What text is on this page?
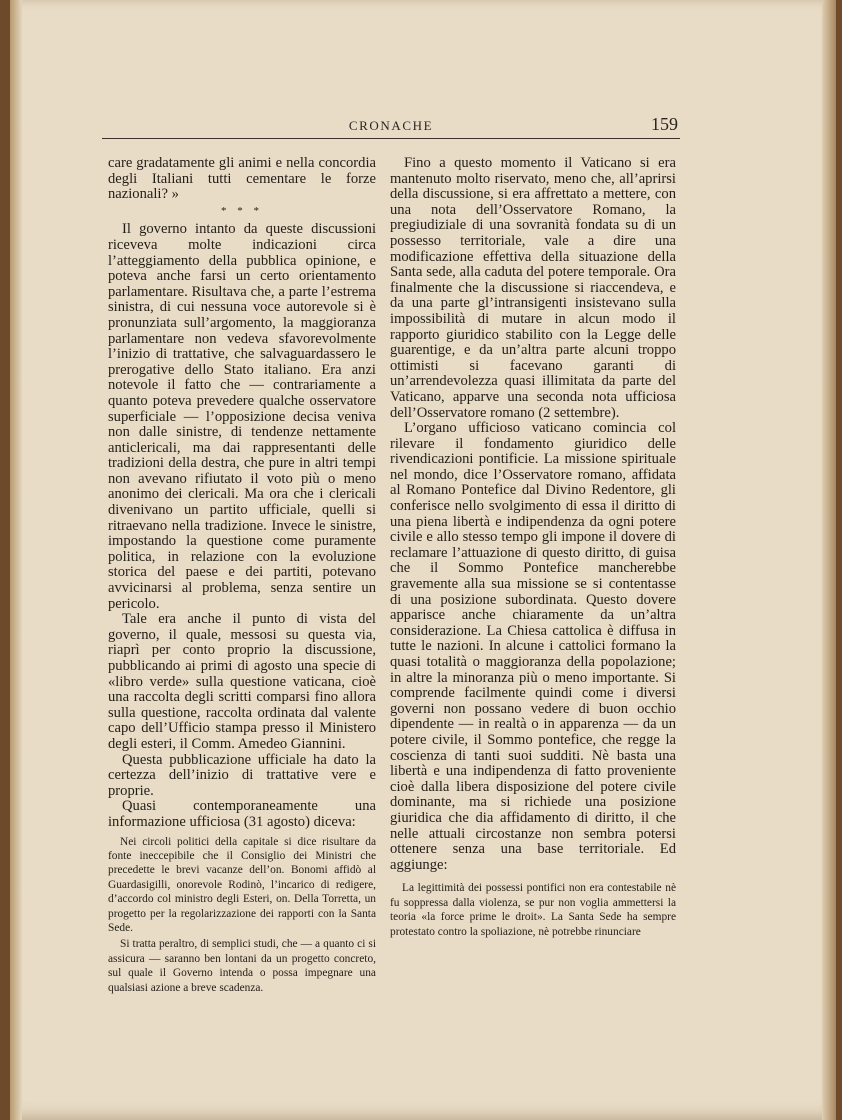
CRONACHE	159

care gradatamente gli animi e nella concordia degli Italiani tutti cementare le forze nazionali? »

* * *

Il governo intanto da queste discussioni riceveva molte indicazioni circa l’atteggiamento della pubblica opinione, e poteva anche farsi un certo orientamento parlamentare. Risultava che, a parte l’estrema sinistra, di cui nessuna voce autorevole si è pronunziata sull’argomento, la maggioranza parlamentare non vedeva sfavorevolmente l’inizio di trattative, che salvaguardassero le prerogative dello Stato italiano. Era anzi notevole il fatto che — contrariamente a quanto poteva prevedere qualche osservatore superficiale — l’opposizione decisa veniva non dalle sinistre, di tendenze nettamente anticlericali, ma dai rappresentanti delle tradizioni della destra, che pure in altri tempi non avevano rifiutato il voto più o meno anonimo dei clericali. Ma ora che i clericali divenivano un partito ufficiale, quelli si ritraevano nella tradizione. Invece le sinistre, impostando la questione come puramente politica, in relazione con la evoluzione storica del paese e dei partiti, potevano avvicinarsi al problema, senza sentire un pericolo.

Tale era anche il punto di vista del governo, il quale, messosi su questa via, riaprì per conto proprio la discussione, pubblicando ai primi di agosto una specie di «libro verde» sulla questione vaticana, cioè una raccolta degli scritti comparsi fino allora sulla questione, raccolta ordinata dal valente capo dell’Ufficio stampa presso il Ministero degli esteri, il Comm. Amedeo Giannini.

Questa pubblicazione ufficiale ha dato la certezza dell’inizio di trattative vere e proprie.

Quasi contemporaneamente una informazione ufficiosa (31 agosto) diceva:

Nei circoli politici della capitale si dice risultare da fonte ineccepibile che il Consiglio dei Ministri che precedette le brevi vacanze dell’on. Bonomi affidò al Guardasigilli, onorevole Rodinò, l’incarico di redigere, d’accordo col ministro degli Esteri, on. Della Torretta, un progetto per la regolarizzazione dei rapporti con la Santa Sede.

Si tratta peraltro, di semplici studi, che — a quanto ci si assicura — saranno ben lontani da un progetto concreto, sul quale il Governo intenda o possa impegnare una qualsiasi azione a breve scadenza.

Fino a questo momento il Vaticano si era mantenuto molto riservato, meno che, all’aprirsi della discussione, si era affrettato a mettere, con una nota dell’Osservatore Romano, la pregiudiziale di una sovranità fondata su di un possesso territoriale, vale a dire una modificazione effettiva della situazione della Santa sede, alla caduta del potere temporale. Ora finalmente che la discussione si riaccendeva, e da una parte gl’intransigenti insistevano sulla impossibilità di mutare in alcun modo il rapporto giuridico stabilito con la Legge delle guarentige, e da un’altra parte alcuni troppo ottimisti si facevano garanti di un’arrendevolezza quasi illimitata da parte del Vaticano, apparve una seconda nota ufficiosa dell’Osservatore romano (2 settembre).

L’organo ufficioso vaticano comincia col rilevare il fondamento giuridico delle rivendicazioni pontificie. La missione spirituale nel mondo, dice l’Osservatore romano, affidata al Romano Pontefice dal Divino Redentore, gli conferisce nello svolgimento di essa il diritto di una piena libertà e indipendenza da ogni potere civile e allo stesso tempo gli impone il dovere di reclamare l’attuazione di questo diritto, di guisa che il Sommo Pontefice mancherebbe gravemente alla sua missione se si contentasse di una posizione subordinata. Questo dovere apparisce anche chiaramente da un’altra considerazione. La Chiesa cattolica è diffusa in tutte le nazioni. In alcune i cattolici formano la quasi totalità o maggioranza della popolazione; in altre la minoranza più o meno importante. Si comprende facilmente quindi come i diversi governi non possano vedere di buon occhio dipendente — in realtà o in apparenza — da un potere civile, il Sommo pontefice, che regge la coscienza di tanti suoi sudditi. Nè basta una libertà e una indipendenza di fatto proveniente cioè dalla libera disposizione del potere civile dominante, ma si richiede una posizione giuridica che dia affidamento di diritto, il che nelle attuali circostanze non sembra potersi ottenere senza una base territoriale. Ed aggiunge:

La legittimità dei possessi pontifici non era contestabile nè fu soppressa dalla violenza, se pur non voglia ammettersi la teoria «la force prime le droit». La Santa Sede ha sempre protestato contro la spoliazione, nè potrebbe rinunciare
